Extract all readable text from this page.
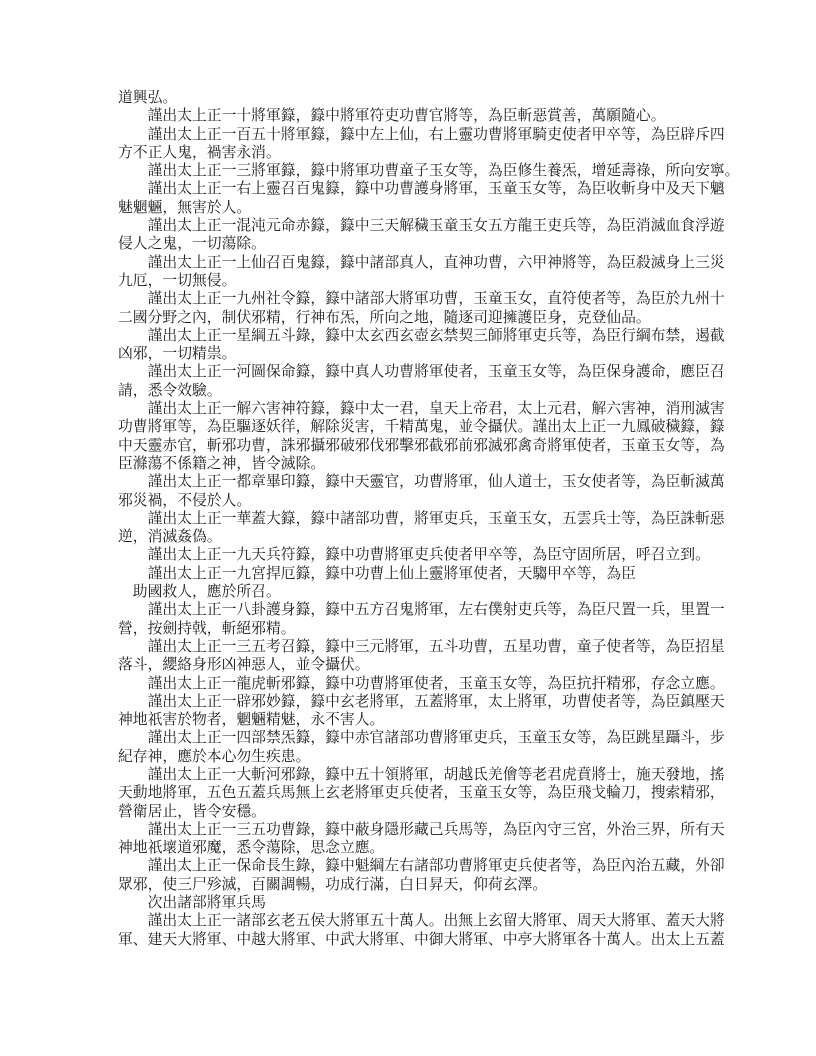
道興弘。
謹出太上正一十將軍籙，籙中將軍符吏功曹官將等，為臣斬惡賞善，萬願隨心。
謹出太上正一百五十將軍籙，籙中左上仙，右上靈功曹將軍騎吏使者甲卒等，為臣辟斥四
方不正人鬼，禍害永消。
謹出太上正一三將軍籙，籙中將軍功曹童子玉女等，為臣修生養炁，增延壽祿，所向安寧。
謹出太上正一右上靈召百鬼籙，籙中功曹護身將軍，玉童玉女等，為臣收斬身中及天下魑
魅魍魎，無害於人。
謹出太上正一混沌元命赤籙，籙中三天解穢玉童玉女五方龍王吏兵等，為臣消滅血食浮遊
侵人之鬼，一切蕩除。
謹出太上正一上仙召百鬼籙，籙中諸部真人，直神功曹，六甲神將等，為臣殺滅身上三災
九厄，一切無侵。
謹出太上正一九州社令籙，籙中諸部大將軍功曹，玉童玉女，直符使者等，為臣於九州十
二國分野之內，制伏邪精，行神布炁，所向之地，隨逐司迎擁護臣身，克登仙品。
謹出太上正一星綱五斗錄，籙中太玄西玄壺玄禁契三師將軍吏兵等，為臣行綱布禁，遏截
凶邪，一切精祟。
謹出太上正一河圖保命籙，籙中真人功曹將軍使者，玉童玉女等，為臣保身護命，應臣召
請，悉令效驗。
謹出太上正一解六害神符籙，籙中太一君，皇天上帝君，太上元君，解六害神，消刑滅害
功曹將軍等，為臣驅逐妖徉，解除災害，千精萬鬼，並令攝伏。謹出太上正一九鳳破穢籙，籙
中天靈赤官，斬邪功曹，誅邪攝邪破邪伐邪擊邪截邪前邪滅邪禽奇將軍使者，玉童玉女等，為
臣滌蕩不係籍之神，皆令滅除。
謹出太上正一都章畢印籙，籙中天靈官，功曹將軍，仙人道士，玉女使者等，為臣斬滅萬
邪災禍，不侵於人。
謹出太上正一華蓋大籙，籙中諸部功曹，將軍吏兵，玉童玉女，五雲兵士等，為臣誅斬惡
逆，消滅姦偽。
謹出太上正一九天兵符籙，籙中功曹將軍吏兵使者甲卒等，為臣守固所居，呼召立到。
謹出太上正一九宮捍厄籙，籙中功曹上仙上靈將軍使者，天騶甲卒等，為臣
助國救人，應於所召。
謹出太上正一八卦護身籙，籙中五方召鬼將軍，左右僕射吏兵等，為臣尺置一兵，里置一
營，按劍持戟，斬絕邪精。
謹出太上正一三五考召籙，籙中三元將軍，五斗功曹，五星功曹，童子使者等，為臣招星
落斗，纓絡身形凶神惡人，並令攝伏。
謹出太上正一龍虎斬邪籙，籙中功曹將軍使者，玉童玉女等，為臣抗扞精邪，存念立應。
謹出太上正一辟邪妙籙，籙中玄老將軍，五蓋將軍，太上將軍，功曹使者等，為臣鎮壓天
神地祇害於物者，魍魎精魅，永不害人。
謹出太上正一四部禁炁籙，籙中赤官諸部功曹將軍吏兵，玉童玉女等，為臣跳星躡斗，步
紀存神，應於本心勿生疾患。
謹出太上正一大斬河邪錄，籙中五十領將軍，胡越氐羌儈等老君虎賁將士，施天發地，搖
天動地將軍，五色五蓋兵馬無上玄老將軍吏兵使者，玉童玉女等，為臣飛戈輪刀，搜索精邪，
營衛居止，皆令安穩。
謹出太上正一三五功曹錄，籙中蔽身隱形藏己兵馬等，為臣內守三宮，外治三界，所有天
神地祇壞道邪魔，悉令蕩除，思念立應。
謹出太上正一保命長生錄，籙中魁綱左右諸部功曹將軍吏兵使者等，為臣內治五藏，外卻
眾邪，使三尸殄滅，百關調暢，功成行滿，白日昇天，仰荷玄澤。
次出諸部將軍兵馬
謹出太上正一諸部玄老五侯大將軍五十萬人。出無上玄留大將軍、周天大將軍、蓋天大將
軍、建天大將軍、中越大將軍、中武大將軍、中御大將軍、中亭大將軍各十萬人。出太上五蓋
